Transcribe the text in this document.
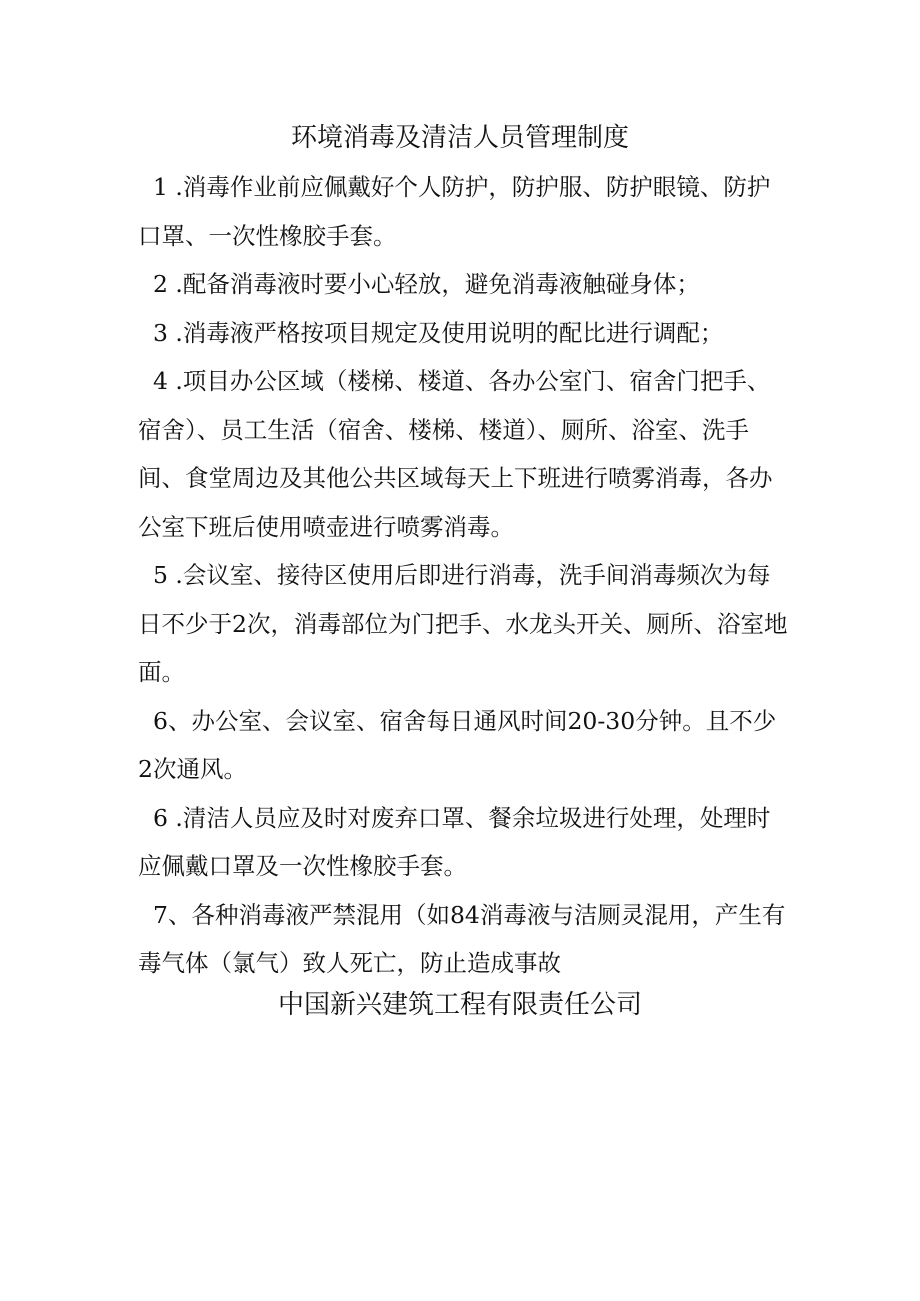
环境消毒及清洁人员管理制度

1 .消毒作业前应佩戴好个人防护，防护服、防护眼镜、防护口罩、一次性橡胶手套。

2 .配备消毒液时要小心轻放，避免消毒液触碰身体；

3 .消毒液严格按项目规定及使用说明的配比进行调配；

4 .项目办公区域（楼梯、楼道、各办公室门、宿舍门把手、宿舍）、员工生活（宿舍、楼梯、楼道）、厕所、浴室、洗手间、食堂周边及其他公共区域每天上下班进行喷雾消毒，各办公室下班后使用喷壶进行喷雾消毒。

5 .会议室、接待区使用后即进行消毒，洗手间消毒频次为每日不少于2次，消毒部位为门把手、水龙头开关、厕所、浴室地面。

6、办公室、会议室、宿舍每日通风时间20-30分钟。且不少2次通风。

6 .清洁人员应及时对废弃口罩、餐余垃圾进行处理，处理时应佩戴口罩及一次性橡胶手套。

7、各种消毒液严禁混用（如84消毒液与洁厕灵混用，产生有毒气体（氯气）致人死亡，防止造成事故

中国新兴建筑工程有限责任公司
